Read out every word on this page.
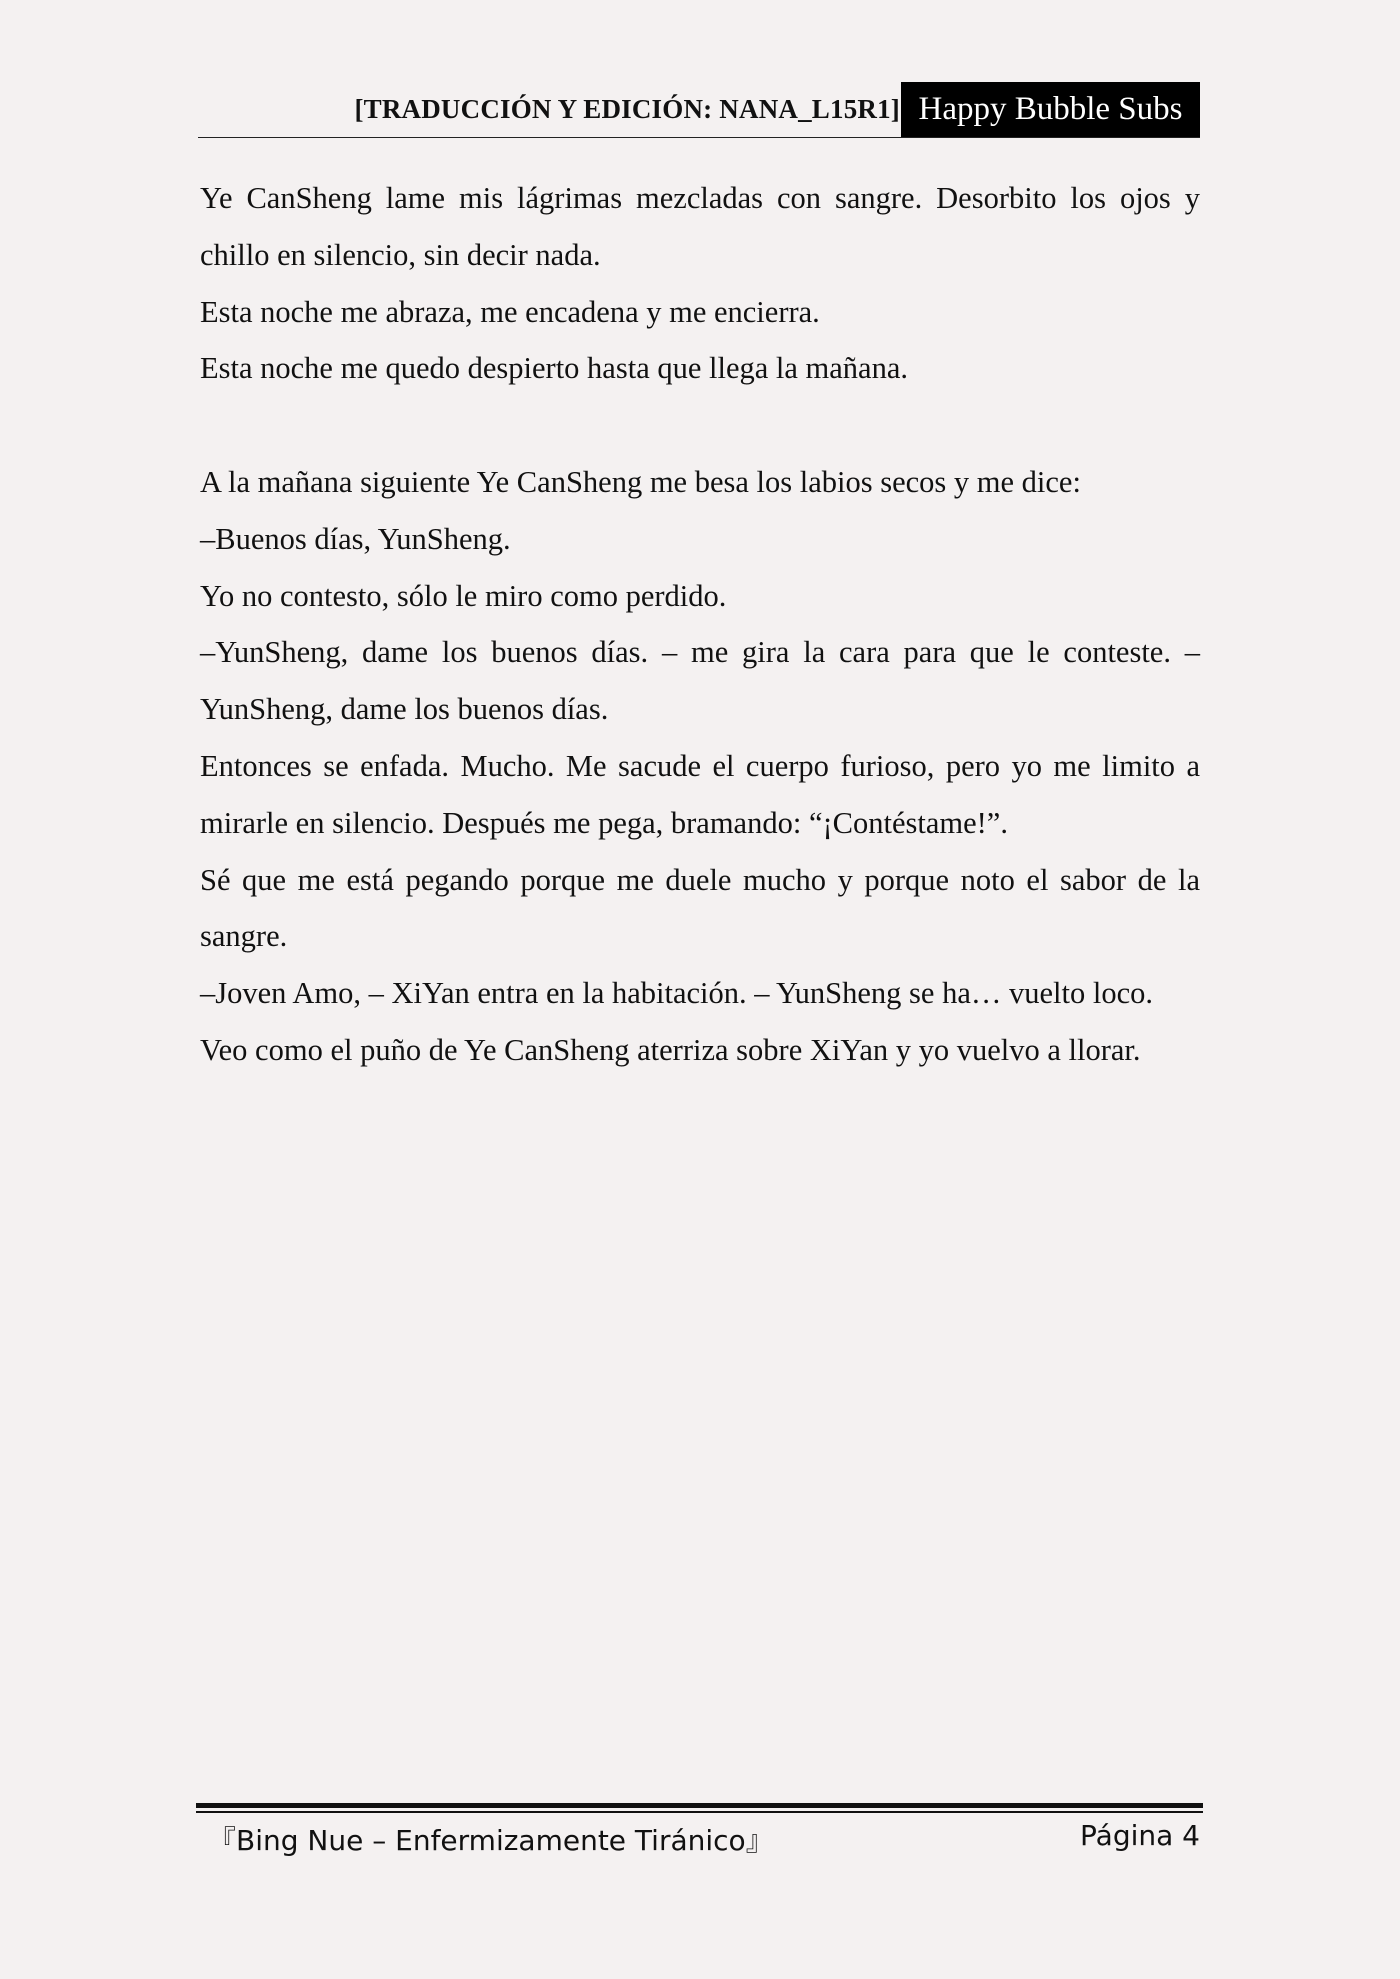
[TRADUCCIÓN Y EDICIÓN: NANA_L15R1] Happy Bubble Subs

Ye CanSheng lame mis lágrimas mezcladas con sangre. Desorbito los ojos y chillo en silencio, sin decir nada.

Esta noche me abraza, me encadena y me encierra.

Esta noche me quedo despierto hasta que llega la mañana.

A la mañana siguiente Ye CanSheng me besa los labios secos y me dice:

–Buenos días, YunSheng.

Yo no contesto, sólo le miro como perdido.

–YunSheng, dame los buenos días. – me gira la cara para que le conteste. – YunSheng, dame los buenos días.

Entonces se enfada. Mucho. Me sacude el cuerpo furioso, pero yo me limito a mirarle en silencio. Después me pega, bramando: “¡Contéstame!”.

Sé que me está pegando porque me duele mucho y porque noto el sabor de la sangre.

–Joven Amo, – XiYan entra en la habitación. – YunSheng se ha… vuelto loco.

Veo como el puño de Ye CanSheng aterriza sobre XiYan y yo vuelvo a llorar.

『Bing Nue – Enfermizamente Tiránico』	Página 4
